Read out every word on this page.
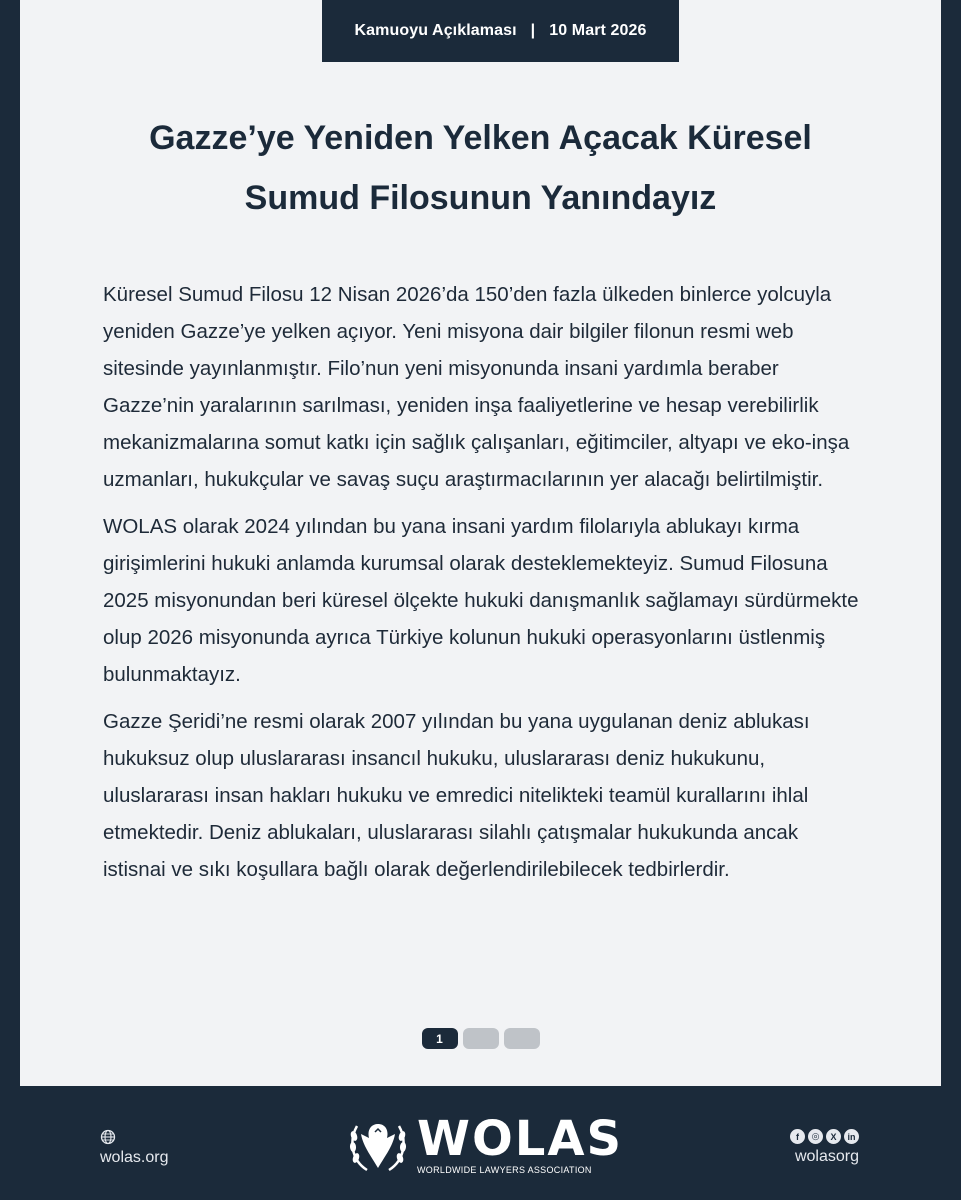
Kamuoyu Açıklaması | 10 Mart 2026
Gazze’ye Yeniden Yelken Açacak Küresel
Sumud Filosunun Yanındayız

Küresel Sumud Filosu 12 Nisan 2026’da 150’den fazla ülkeden binlerce yolcuyla yeniden Gazze’ye yelken açıyor. Yeni misyona dair bilgiler filonun resmi web sitesinde yayınlanmıştır. Filo’nun yeni misyonunda insani yardımla beraber Gazze’nin yaralarının sarılması, yeniden inşa faaliyetlerine ve hesap verebilirlik mekanizmalarına somut katkı için sağlık çalışanları, eğitimciler, altyapı ve eko-inşa uzmanları, hukukçular ve savaş suçu araştırmacılarının yer alacağı belirtilmiştir.

WOLAS olarak 2024 yılından bu yana insani yardım filolarıyla ablukayı kırma girişimlerini hukuki anlamda kurumsal olarak desteklemekteyiz. Sumud Filosuna 2025 misyonundan beri küresel ölçekte hukuki danışmanlık sağlamayı sürdürmekte olup 2026 misyonunda ayrıca Türkiye kolunun hukuki operasyonlarını üstlenmiş bulunmaktayız.

Gazze Şeridi’ne resmi olarak 2007 yılından bu yana uygulanan deniz ablukası hukuksuz olup uluslararası insancıl hukuku, uluslararası deniz hukukunu, uluslararası insan hakları hukuku ve emredici nitelikteki teamül kurallarını ihlal etmektedir. Deniz ablukaları, uluslararası silahlı çatışmalar hukukunda ancak istisnai ve sıkı koşullara bağlı olarak değerlendirilebilecek tedbirlerdir.

1
wolas.org	WOLAS
WORLDWIDE LAWYERS ASSOCIATION
f	◎	X	in
wolasorg
